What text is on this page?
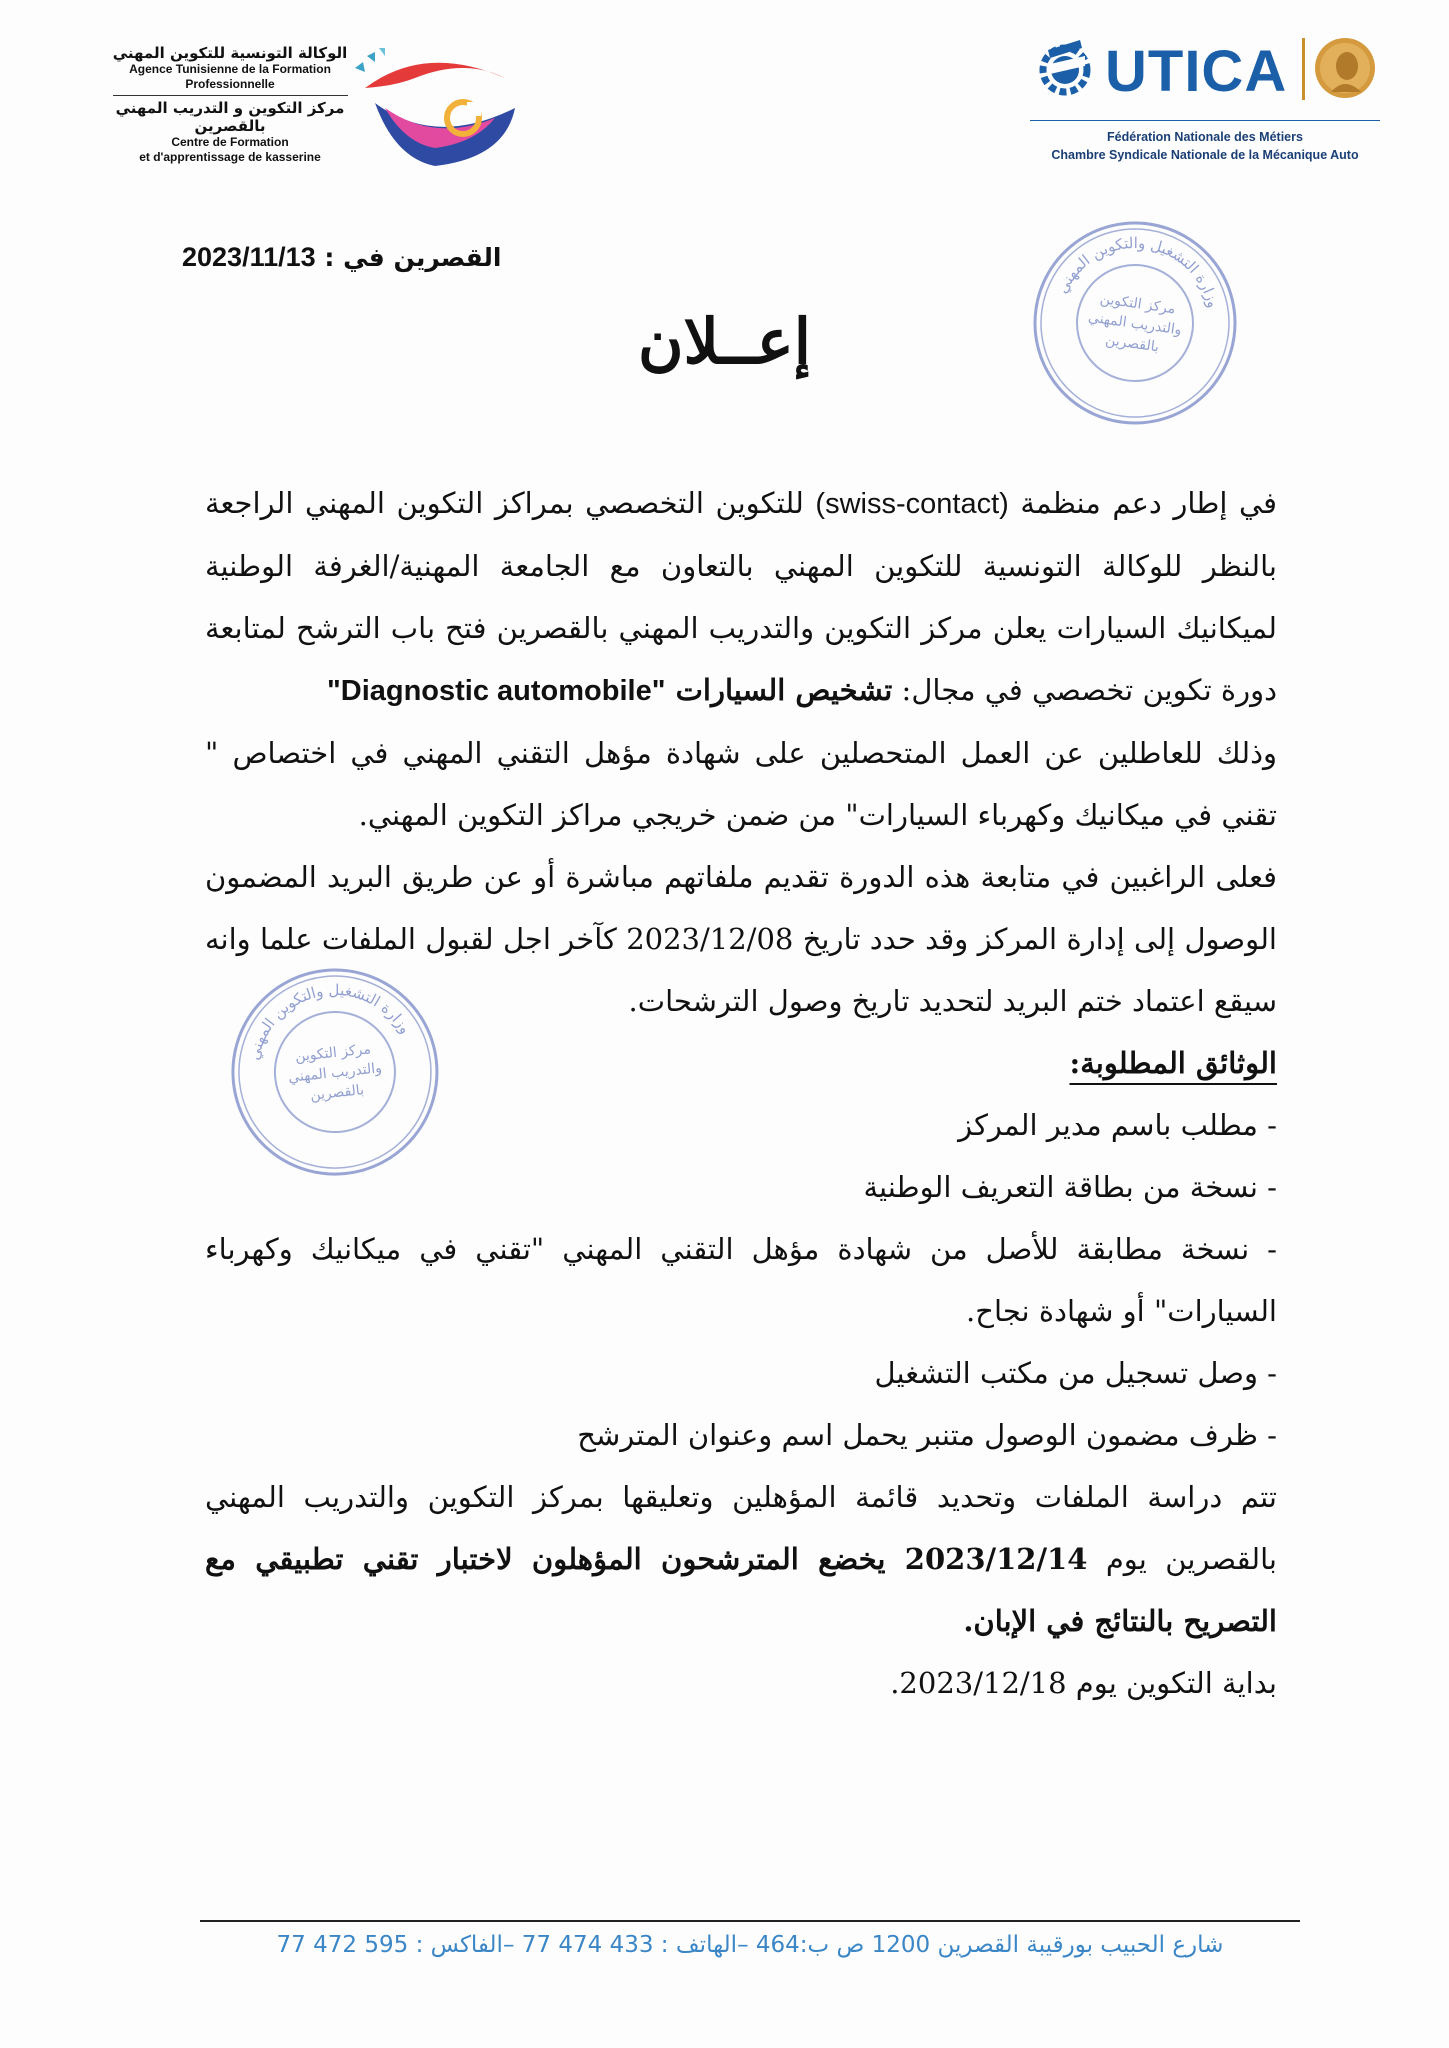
الوكالة التونسية للتكوين المهني
Agence Tunisienne de la Formation
Professionnelle
مركز التكوين و التدريب المهني بالقصرين
Centre de Formation
et d'apprentissage de kasserine
UTICA
Fédération Nationale des Métiers
Chambre Syndicale Nationale de la Mécanique Auto
وزارة التشغيل والتكوين المهني
مركز التكوين
والتدريب المهني
بالقصرين
وزارة التشغيل والتكوين المهني
مركز التكوين
والتدريب المهني
بالقصرين
القصرين في : 2023/11/13
إعــلان

في إطار دعم منظمة (swiss-contact) للتكوين التخصصي بمراكز التكوين المهني الراجعة بالنظر للوكالة التونسية للتكوين المهني بالتعاون مع الجامعة المهنية/الغرفة الوطنية لميكانيك السيارات يعلن مركز التكوين والتدريب المهني بالقصرين فتح باب الترشح لمتابعة دورة تكوين تخصصي في مجال: تشخيص السيارات "Diagnostic automobile"

وذلك للعاطلين عن العمل المتحصلين على شهادة مؤهل التقني المهني في اختصاص " تقني في ميكانيك وكهرباء السيارات" من ضمن خريجي مراكز التكوين المهني.

فعلى الراغبين في متابعة هذه الدورة تقديم ملفاتهم مباشرة أو عن طريق البريد المضمون الوصول إلى إدارة المركز وقد حدد تاريخ 2023/12/08 كآخر اجل لقبول الملفات علما وانه سيقع اعتماد ختم البريد لتحديد تاريخ وصول الترشحات.

الوثائق المطلوبة:

- مطلب باسم مدير المركز
- نسخة من بطاقة التعريف الوطنية
- نسخة مطابقة للأصل من شهادة مؤهل التقني المهني "تقني في ميكانيك وكهرباء السيارات" أو شهادة نجاح.
- وصل تسجيل من مكتب التشغيل
- ظرف مضمون الوصول متنبر يحمل اسم وعنوان المترشح

تتم دراسة الملفات وتحديد قائمة المؤهلين وتعليقها بمركز التكوين والتدريب المهني بالقصرين يوم 2023/12/14 يخضع المترشحون المؤهلون لاختبار تقني تطبيقي مع التصريح بالنتائج في الإبان.

بداية التكوين يوم 2023/12/18.

شارع الحبيب بورقيبة القصرين 1200 ص ب:464 –الهاتف : 433 474 77 –الفاكس : 595 472 77
